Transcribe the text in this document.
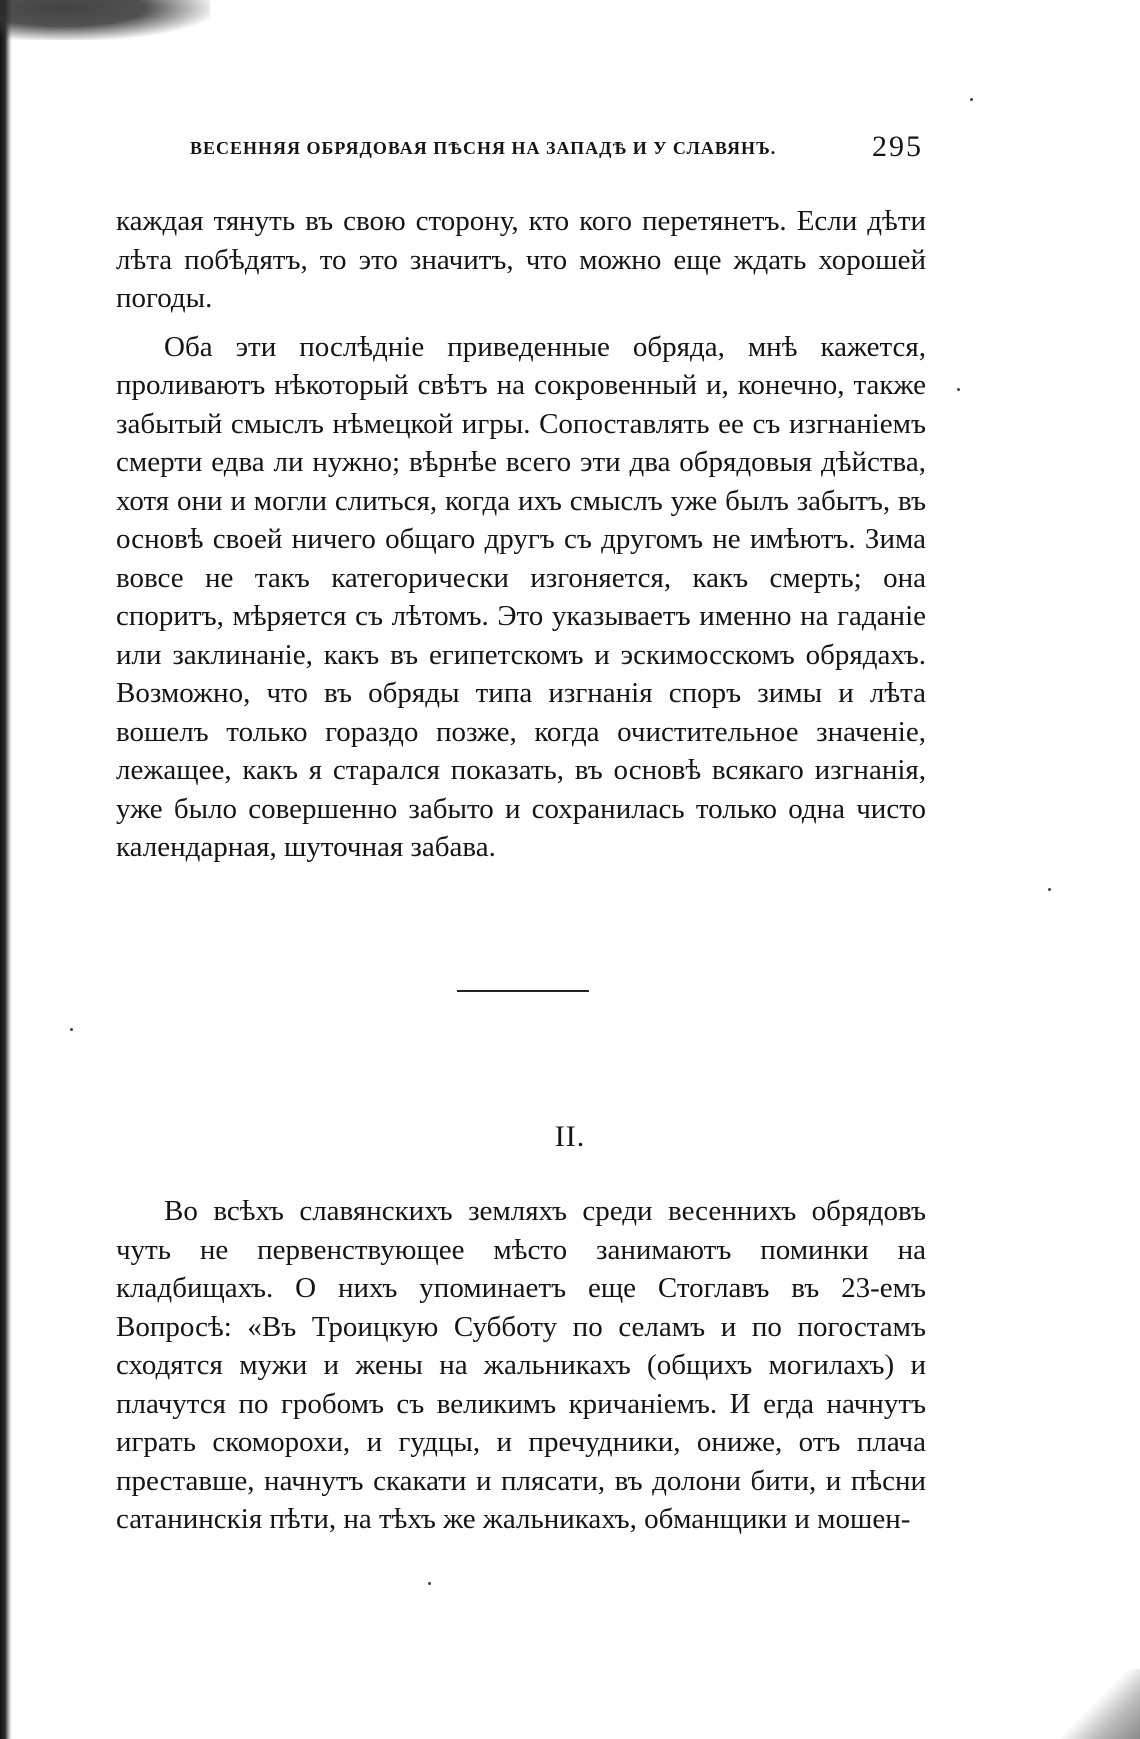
ВЕСЕННЯЯ ОБРЯДОВАЯ ПѢСНЯ НА ЗАПАДѢ И У СЛАВЯНЪ.	295

каждая тянуть въ свою сторону, кто кого перетянетъ. Если дѣти лѣта побѣдятъ, то это значитъ, что можно еще ждать хорошей погоды.

Оба эти послѣдніе приведенные обряда, мнѣ кажется, проливаютъ нѣкоторый свѣтъ на сокровенный и, конечно, также забытый смыслъ нѣмецкой игры. Сопоставлять ее съ изгнаніемъ смерти едва ли нужно; вѣрнѣе всего эти два обрядовыя дѣйства, хотя они и могли слиться, когда ихъ смыслъ уже былъ забытъ, въ основѣ своей ничего общаго другъ съ другомъ не имѣютъ. Зима вовсе не такъ категорически изгоняется, какъ смерть; она споритъ, мѣряется съ лѣтомъ. Это указываетъ именно на гаданіе или заклинаніе, какъ въ египетскомъ и эскимосскомъ обрядахъ. Возможно, что въ обряды типа изгнанія споръ зимы и лѣта вошелъ только гораздо позже, когда очистительное значеніе, лежащее, какъ я старался показать, въ основѣ всякаго изгнанія, уже было совершенно забыто и сохранилась только одна чисто календарная, шуточная забава.

II.

Во всѣхъ славянскихъ земляхъ среди весеннихъ обрядовъ чуть не первенствующее мѣсто занимаютъ поминки на кладбищахъ. О нихъ упоминаетъ еще Стоглавъ въ 23-емъ Вопросѣ: «Въ Троицкую Субботу по селамъ и по погостамъ сходятся мужи и жены на жальникахъ (общихъ могилахъ) и плачутся по гробомъ съ великимъ кричаніемъ. И егда начнутъ играть скоморохи, и гудцы, и пречудники, ониже, отъ плача преставше, начнутъ скакати и плясати, въ долони бити, и пѣсни сатанинскія пѣти, на тѣхъ же жальникахъ, обманщики и мошен-
